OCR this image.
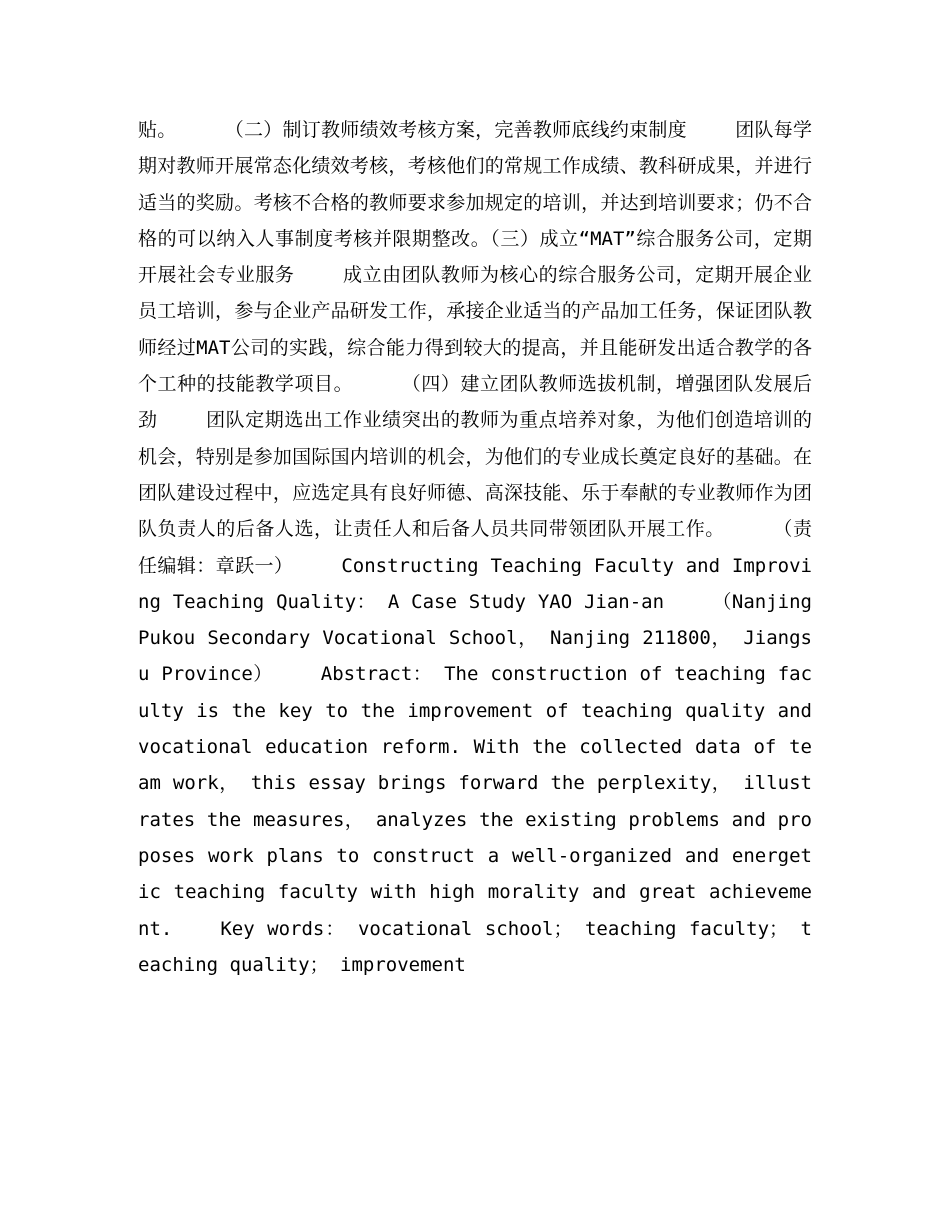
贴。	（二）制订教师绩效考核方案，完善教师底线约束制度	团队每学期对教师开展常态化绩效考核，考核他们的常规工作成绩、教科研成果，并进行适当的奖励。考核不合格的教师要求参加规定的培训，并达到培训要求；仍不合格的可以纳入人事制度考核并限期整改。（三）成立“MAT”综合服务公司，定期开展社会专业服务	成立由团队教师为核心的综合服务公司，定期开展企业员工培训，参与企业产品研发工作，承接企业适当的产品加工任务，保证团队教师经过MAT公司的实践，综合能力得到较大的提高，并且能研发出适合教学的各个工种的技能教学项目。	（四）建立团队教师选拔机制，增强团队发展后劲	团队定期选出工作业绩突出的教师为重点培养对象，为他们创造培训的机会，特别是参加国际国内培训的机会，为他们的专业成长奠定良好的基础。在团队建设过程中，应选定具有良好师德、高深技能、乐于奉献的专业教师作为团队负责人的后备人选，让责任人和后备人员共同带领团队开展工作。	（责任编辑：章跃一）	Constructing Teaching Faculty and Improving Teaching Quality： A Case Study YAO Jian-an	（Nanjing Pukou Secondary Vocational School， Nanjing 211800， Jiangsu Province）	Abstract： The construction of teaching faculty is the key to the improvement of teaching quality and vocational education reform. With the collected data of team work， this essay brings forward the perplexity， illustrates the measures， analyzes the existing problems and proposes work plans to construct a well-organized and energetic teaching faculty with high morality and great achievement.	Key words： vocational school； teaching faculty； teaching quality； improvement
